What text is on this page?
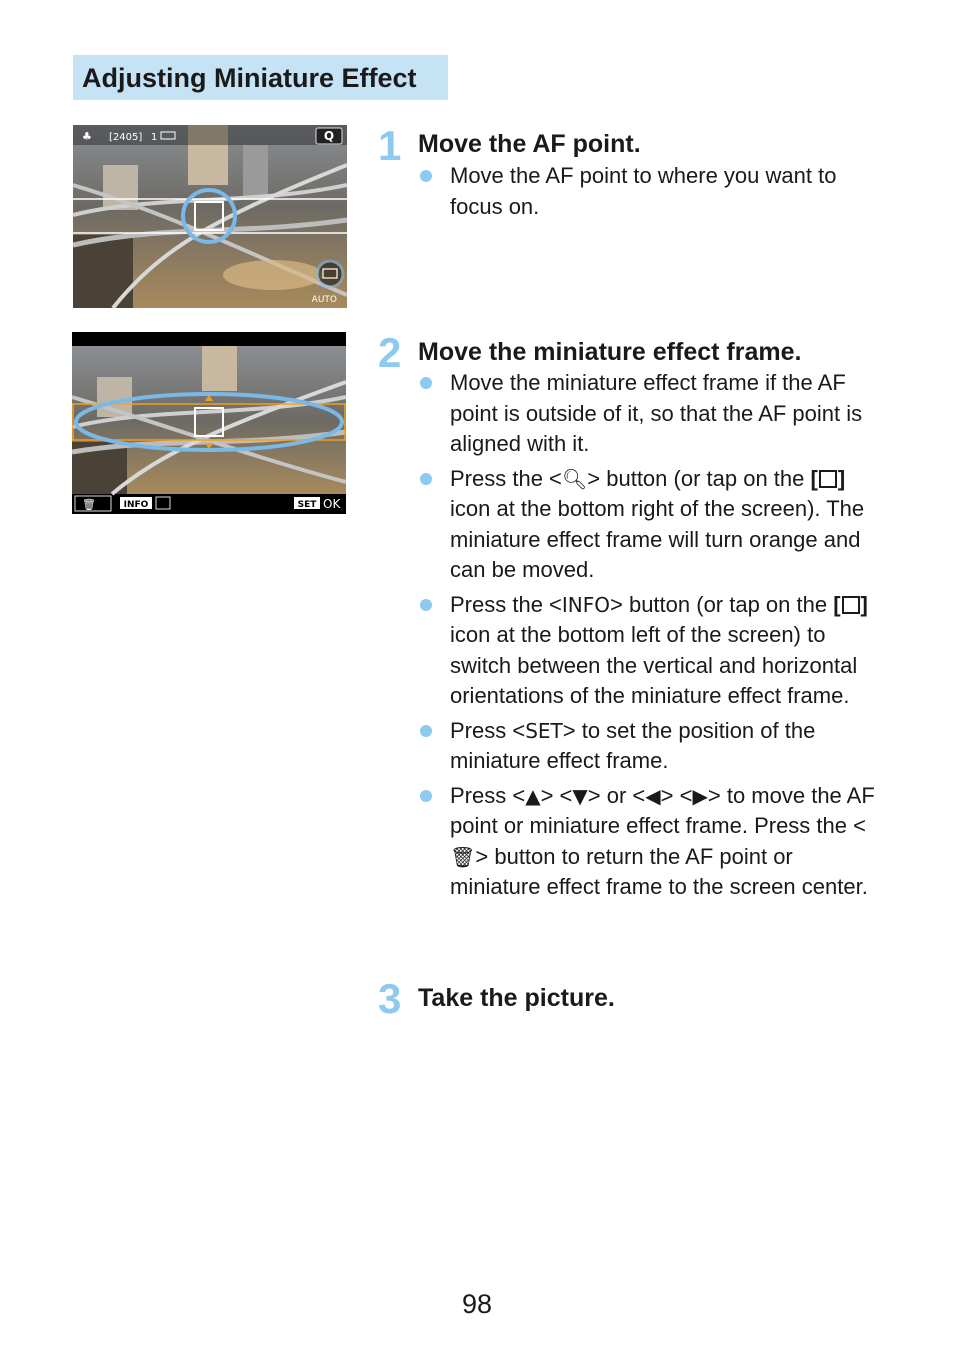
Adjusting Miniature Effect
Q
♣ [2405] 1
AUTO
🗑	INFO	SET OK
1 Move the AF point.
Move the AF point to where you want to focus on.
2 Move the miniature effect frame.
Move the miniature effect frame if the AF point is outside of it, so that the AF point is aligned with it.
Press the <🔍︎> button (or tap on the [ ] icon at the bottom right of the screen). The miniature effect frame will turn orange and can be moved.
Press the <INFO> button (or tap on the [ ] icon at the bottom left of the screen) to switch between the vertical and horizontal orientations of the miniature effect frame.
Press <SET> to set the position of the miniature effect frame.
Press <▲> <▼> or <◀> <▶> to move the AF point or miniature effect frame. Press the <🗑> button to return the AF point or miniature effect frame to the screen center.
3 Take the picture.
98
